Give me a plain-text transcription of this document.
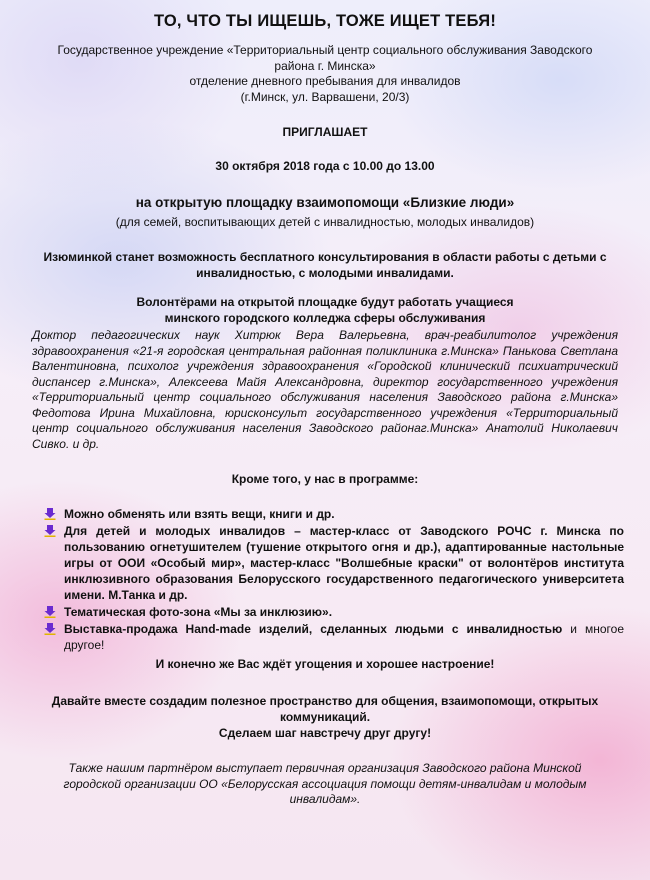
ТО, ЧТО ТЫ ИЩЕШЬ, ТОЖЕ ИЩЕТ ТЕБЯ!
Государственное учреждение «Территориальный центр социального обслуживания Заводского
района г. Минска»
отделение дневного пребывания для инвалидов
(г.Минск, ул. Варвашени, 20/3)
ПРИГЛАШАЕТ
30 октября 2018 года с 10.00 до 13.00
на открытую площадку взаимопомощи «Близкие люди»
(для семей, воспитывающих детей с инвалидностью, молодых инвалидов)
Изюминкой станет возможность бесплатного консультирования в области работы с детьми с
инвалидностью, с молодыми инвалидами.
Волонтёрами на открытой площадке будут работать учащиеся
минского городского колледжа сферы обслуживания
Доктор педагогических наук Хитрюк Вера Валерьевна, врач-реабилитолог учреждения здравоохранения «21-я городская центральная районная поликлиника г.Минска» Панькова Светлана Валентиновна, психолог учреждения здравоохранения «Городской клинический психиатрический диспансер г.Минска», Алексеева Майя Александровна, директор государственного учреждения «Территориальный центр социального обслуживания населения Заводского района г.Минска» Федотова Ирина Михайловна, юрисконсульт государственного учреждения «Территориальный центр социального обслуживания населения Заводского районаг.Минска» Анатолий Николаевич Сивко. и др.
Кроме того, у нас в программе:
Можно обменять или взять вещи, книги и др.
Для детей и молодых инвалидов – мастер-класс от Заводского РОЧС г. Минска по пользованию огнетушителем (тушение открытого огня и др.), адаптированные настольные игры от ООИ «Особый мир», мастер-класс "Волшебные краски" от волонтёров института инклюзивного образования Белорусского государственного педагогического университета имени. М.Танка и др.
Тематическая фото-зона «Мы за инклюзию».
Выставка-продажа Hand-made изделий, сделанных людьми с инвалидностью и многое другое!
И конечно же Вас ждёт угощения и хорошее настроение!
Давайте вместе создадим полезное пространство для общения, взаимопомощи, открытых
коммуникаций.
Сделаем шаг навстречу друг другу!
Также нашим партнёром выступает первичная организация Заводского района Минской
городской организации ОО «Белорусская ассоциация помощи детям-инвалидам и молодым
инвалидам».
